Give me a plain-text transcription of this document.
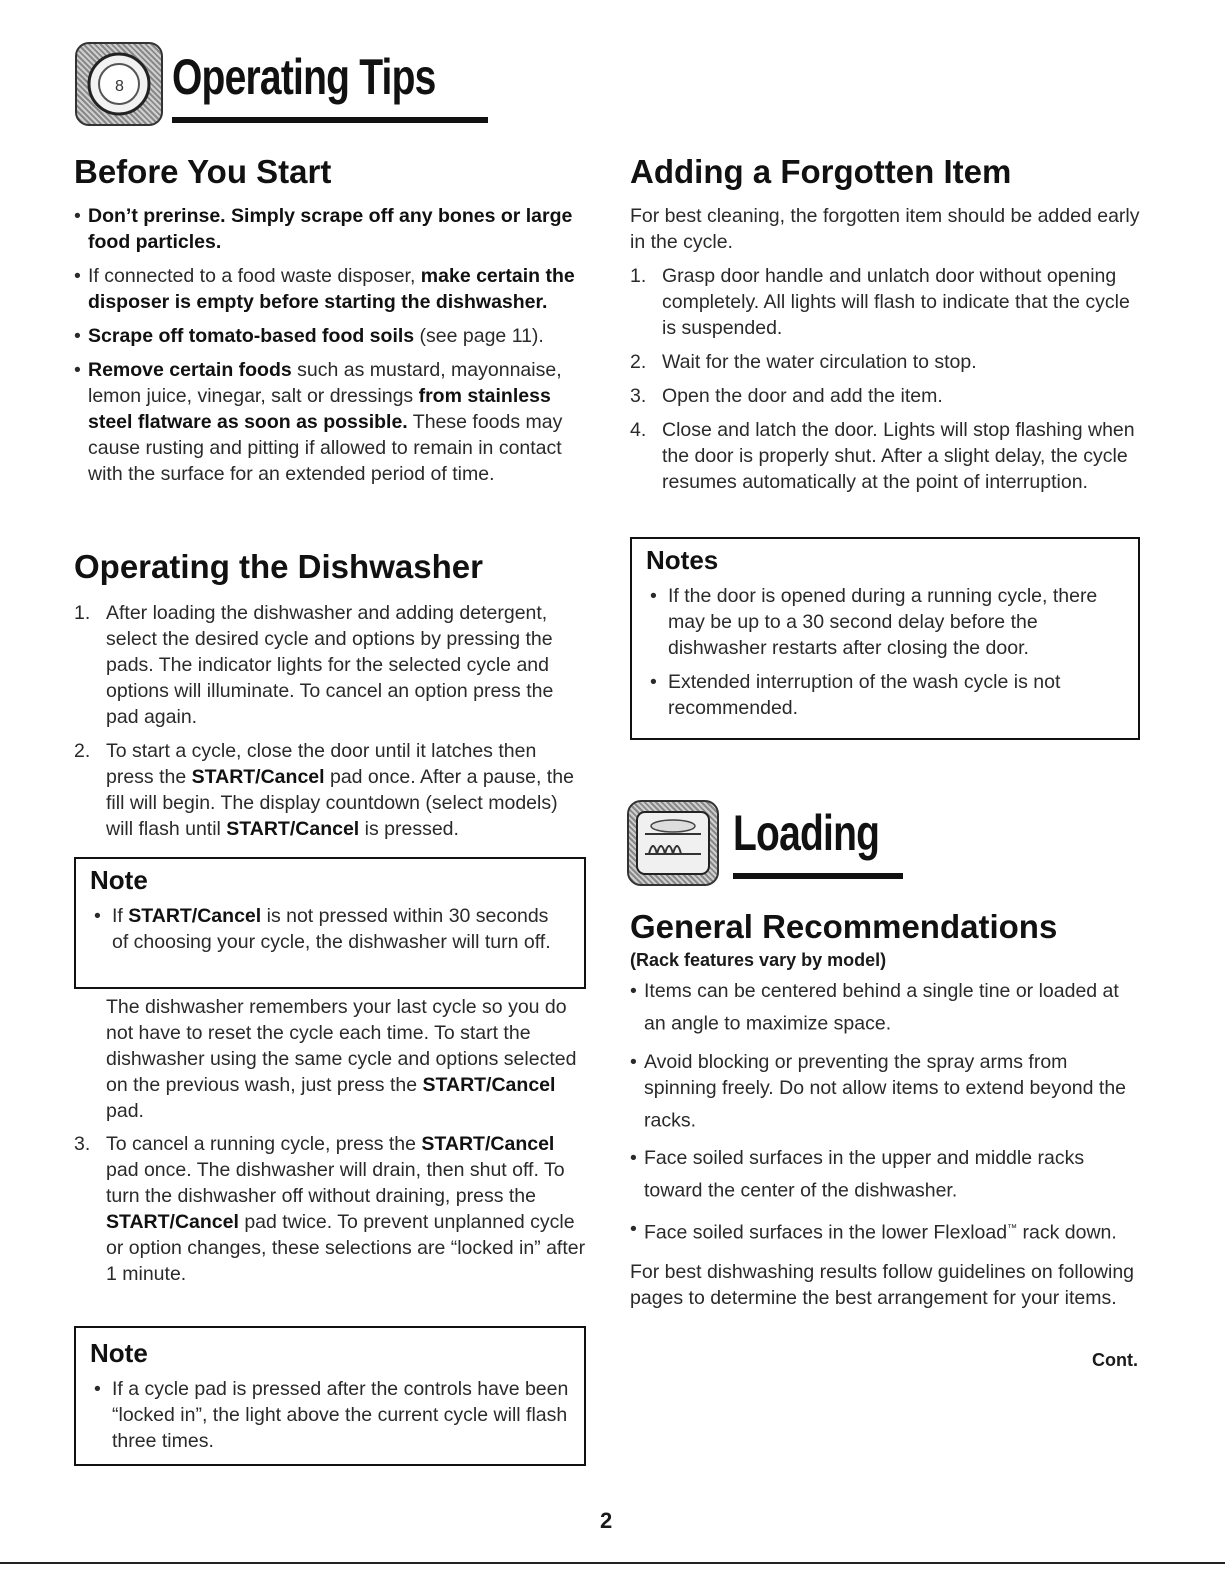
8 Operating Tips
Before You Start
• Don’t prerinse. Simply scrape off any bones or large food particles.
• If connected to a food waste disposer, make certain the disposer is empty before starting the dishwasher.
• Scrape off tomato-based food soils (see page 11).
• Remove certain foods such as mustard, mayonnaise, lemon juice, vinegar, salt or dressings from stainless steel flatware as soon as possible. These foods may cause rusting and pitting if allowed to remain in contact with the surface for an extended period of time.
Operating the Dishwasher
1. After loading the dishwasher and adding detergent, select the desired cycle and options by pressing the pads. The indicator lights for the selected cycle and options will illuminate. To cancel an option press the pad again.
2. To start a cycle, close the door until it latches then press the START/Cancel pad once. After a pause, the fill will begin. The display countdown (select models) will flash until START/Cancel is pressed.
Note
• If START/Cancel is not pressed within 30 seconds of choosing your cycle, the dishwasher will turn off.

The dishwasher remembers your last cycle so you do not have to reset the cycle each time. To start the dishwasher using the same cycle and options selected on the previous wash, just press the START/Cancel pad.

3. To cancel a running cycle, press the START/Cancel pad once. The dishwasher will drain, then shut off. To turn the dishwasher off without draining, press the START/Cancel pad twice. To prevent unplanned cycle or option changes, these selections are “locked in” after 1 minute.
Note
• If a cycle pad is pressed after the controls have been “locked in”, the light above the current cycle will flash three times.
Adding a Forgotten Item

For best cleaning, the forgotten item should be added early in the cycle.

1. Grasp door handle and unlatch door without opening completely. All lights will flash to indicate that the cycle is suspended.
2. Wait for the water circulation to stop.
3. Open the door and add the item.
4. Close and latch the door. Lights will stop flashing when the door is properly shut. After a slight delay, the cycle resumes automatically at the point of interruption.
Notes
• If the door is opened during a running cycle, there may be up to a 30 second delay before the dishwasher restarts after closing the door.
• Extended interruption of the wash cycle is not recommended.
Loading
General Recommendations
(Rack features vary by model)
• Items can be centered behind a single tine or loaded at an angle to maximize space.
• Avoid blocking or preventing the spray arms from spinning freely. Do not allow items to extend beyond the racks.
• Face soiled surfaces in the upper and middle racks toward the center of the dishwasher.
• Face soiled surfaces in the lower Flexload™ rack down.

For best dishwashing results follow guidelines on following pages to determine the best arrangement for your items.

Cont.
2
